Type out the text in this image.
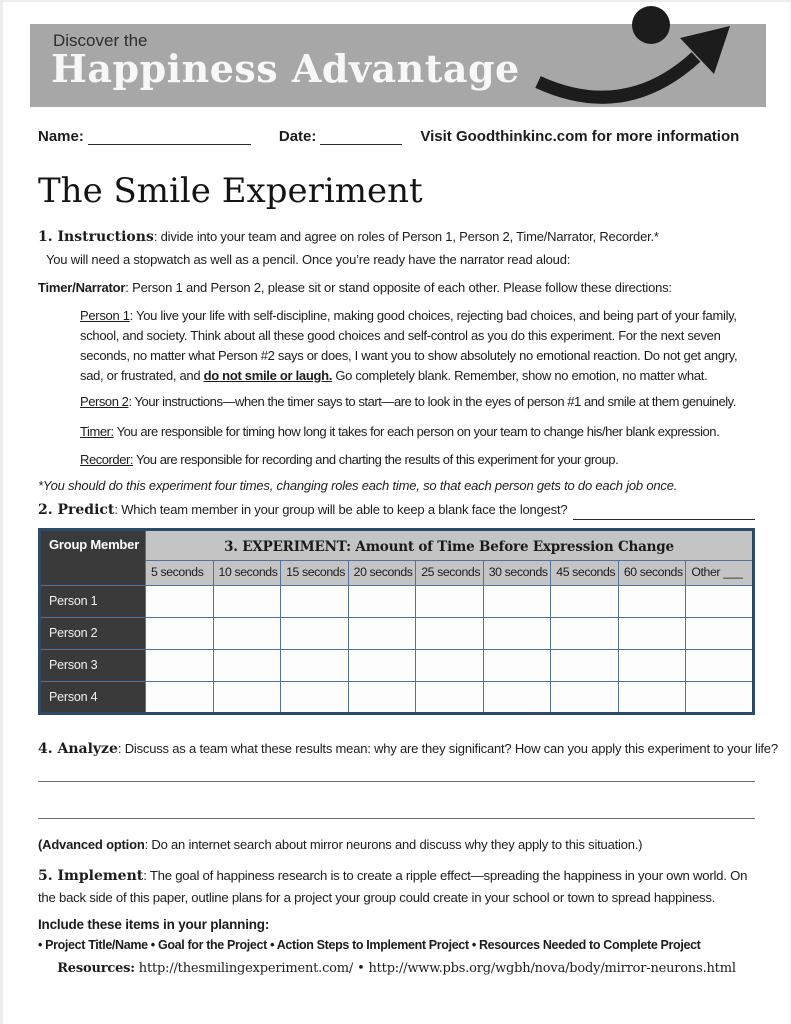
Discover the
Happiness Advantage
Name:	Date:	Visit Goodthinkinc.com for more information
The Smile Experiment
1. Instructions: divide into your team and agree on roles of Person 1, Person 2, Time/Narrator, Recorder.*
You will need a stopwatch as well as a pencil. Once you’re ready have the narrator read aloud:
Timer/Narrator: Person 1 and Person 2, please sit or stand opposite of each other. Please follow these directions:
Person 1: You live your life with self-discipline, making good choices, rejecting bad choices, and being part of your family, school, and society. Think about all these good choices and self-control as you do this experiment. For the next seven seconds, no matter what Person #2 says or does, I want you to show absolutely no emotional reaction. Do not get angry, sad, or frustrated, and do not smile or laugh. Go completely blank. Remember, show no emotion, no matter what.
Person 2: Your instructions—when the timer says to start—are to look in the eyes of person #1 and smile at them genuinely.
Timer: You are responsible for timing how long it takes for each person on your team to change his/her blank expression.
Recorder: You are responsible for recording and charting the results of this experiment for your group.
*You should do this experiment four times, changing roles each time, so that each person gets to do each job once.
2. Predict: Which team member in your group will be able to keep a blank face the longest?
Group Member	3. EXPERIMENT: Amount of Time Before Expression Change								
	5 seconds	10 seconds	15 seconds	20 seconds	25 seconds	30 seconds	45 seconds	60 seconds	Other ___
Person 1									
Person 2									
Person 3									
Person 4									
4. Analyze: Discuss as a team what these results mean: why are they significant? How can you apply this experiment to your life?
(Advanced option: Do an internet search about mirror neurons and discuss why they apply to this situation.)
5. Implement: The goal of happiness research is to create a ripple effect—spreading the happiness in your own world. On the back side of this paper, outline plans for a project your group could create in your school or town to spread happiness.
Include these items in your planning:
• Project Title/Name • Goal for the Project • Action Steps to Implement Project • Resources Needed to Complete Project
Resources: http://thesmilingexperiment.com/ • http://www.pbs.org/wgbh/nova/body/mirror-neurons.html
